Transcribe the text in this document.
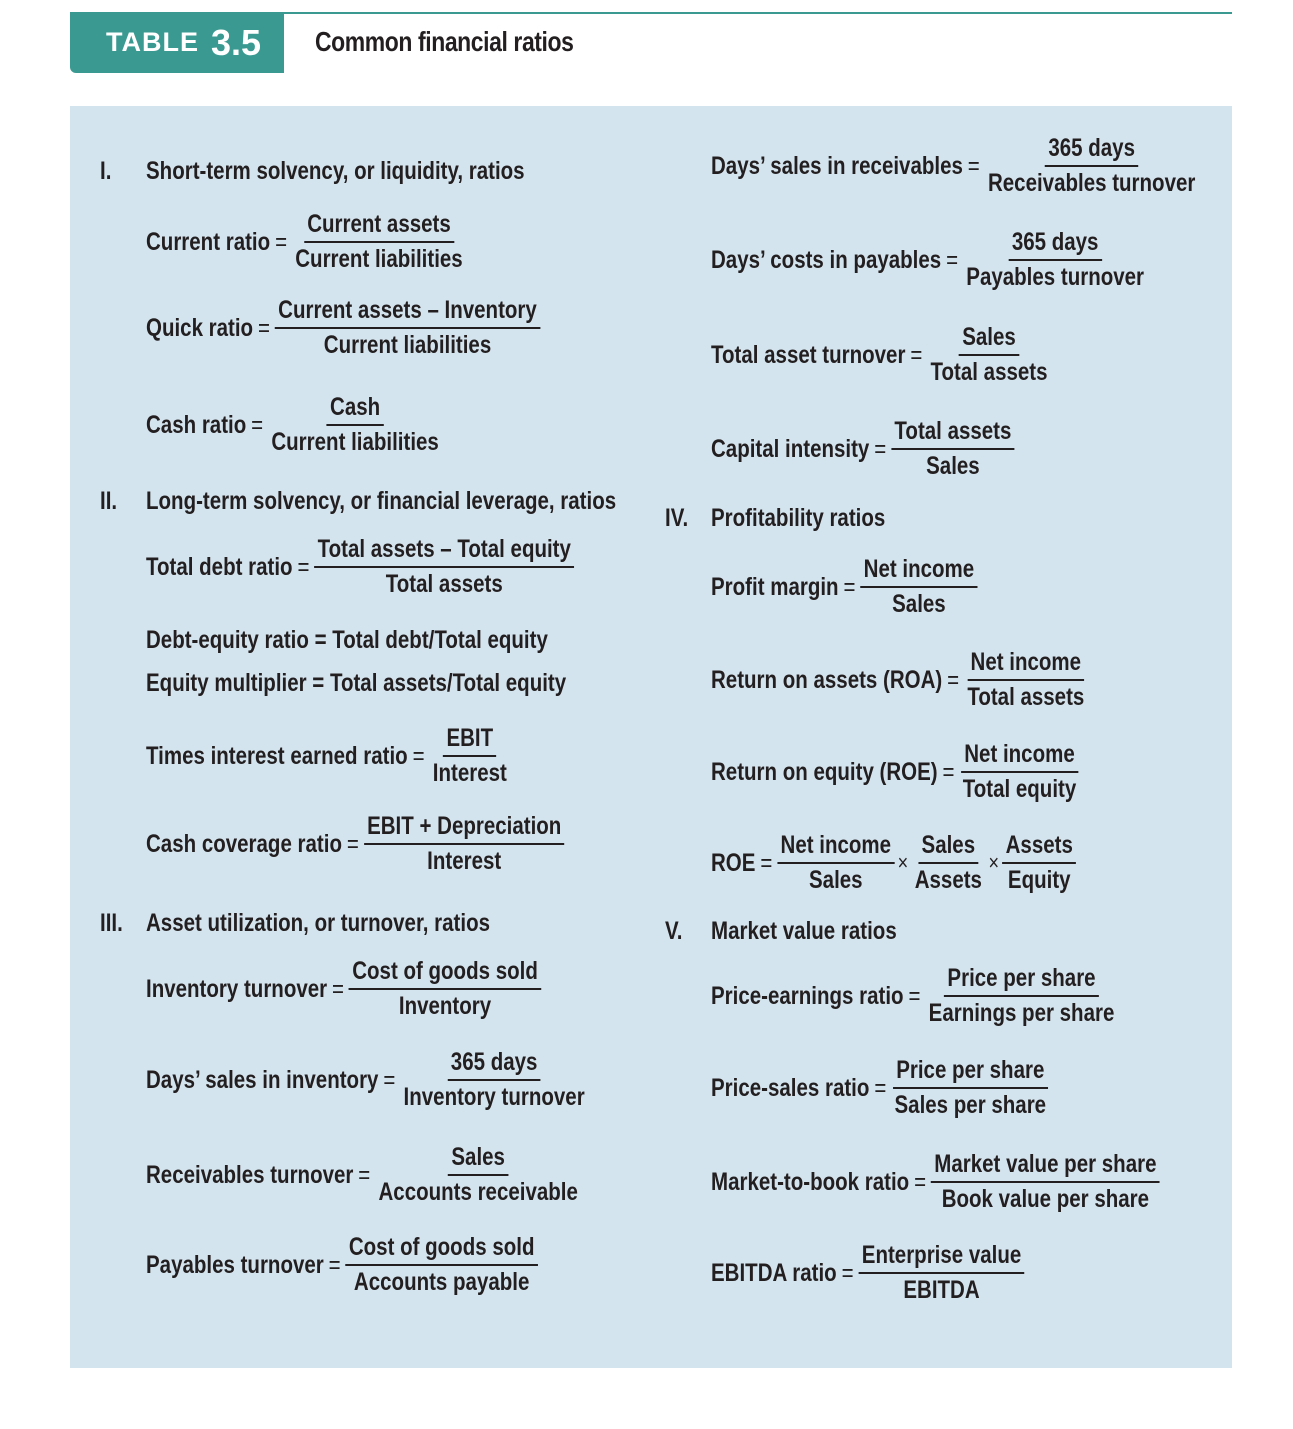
TABLE 3.5 Common financial ratios
I. Short-term solvency, or liquidity, ratios
Current ratio = $\frac{\text{Current assets}}{\text{Current liabilities}}$
Quick ratio = $\frac{\text{Current assets – Inventory}}{\text{Current liabilities}}$
Cash ratio = $\frac{\text{Cash}}{\text{Current liabilities}}$
II. Long-term solvency, or financial leverage, ratios
Total debt ratio = $\frac{\text{Total assets – Total equity}}{\text{Total assets}}$
Debt-equity ratio = Total debt/Total equity
Equity multiplier = Total assets/Total equity
Times interest earned ratio = $\frac{\text{EBIT}}{\text{Interest}}$
Cash coverage ratio = $\frac{\text{EBIT + Depreciation}}{\text{Interest}}$
III. Asset utilization, or turnover, ratios
Inventory turnover = $\frac{\text{Cost of goods sold}}{\text{Inventory}}$
Days’ sales in inventory = $\frac{\text{365 days}}{\text{Inventory turnover}}$
Receivables turnover = $\frac{\text{Sales}}{\text{Accounts receivable}}$
Payables turnover = $\frac{\text{Cost of goods sold}}{\text{Accounts payable}}$
Days’ sales in receivables = $\frac{\text{365 days}}{\text{Receivables turnover}}$
Days’ costs in payables = $\frac{\text{365 days}}{\text{Payables turnover}}$
Total asset turnover = $\frac{\text{Sales}}{\text{Total assets}}$
Capital intensity = $\frac{\text{Total assets}}{\text{Sales}}$
IV. Profitability ratios
Profit margin = $\frac{\text{Net income}}{\text{Sales}}$
Return on assets $(ROA) = \frac{\text{Net income}}{\text{Total assets}}$
Return on equity $(ROE) = \frac{\text{Net income}}{\text{Total equity}}$
ROE = $\frac{\text{Net income}}{\text{Sales}} \times \frac{\text{Sales}}{\text{Assets}} \times \frac{\text{Assets}}{\text{Equity}}$
V. Market value ratios
Price-earnings ratio = $\frac{\text{Price per share}}{\text{Earnings per share}}$
Price-sales ratio = $\frac{\text{Price per share}}{\text{Sales per share}}$
Market-to-book ratio = $\frac{\text{Market value per share}}{\text{Book value per share}}$
EBITDA ratio = $\frac{\text{Enterprise value}}{\text{EBITDA}}$
